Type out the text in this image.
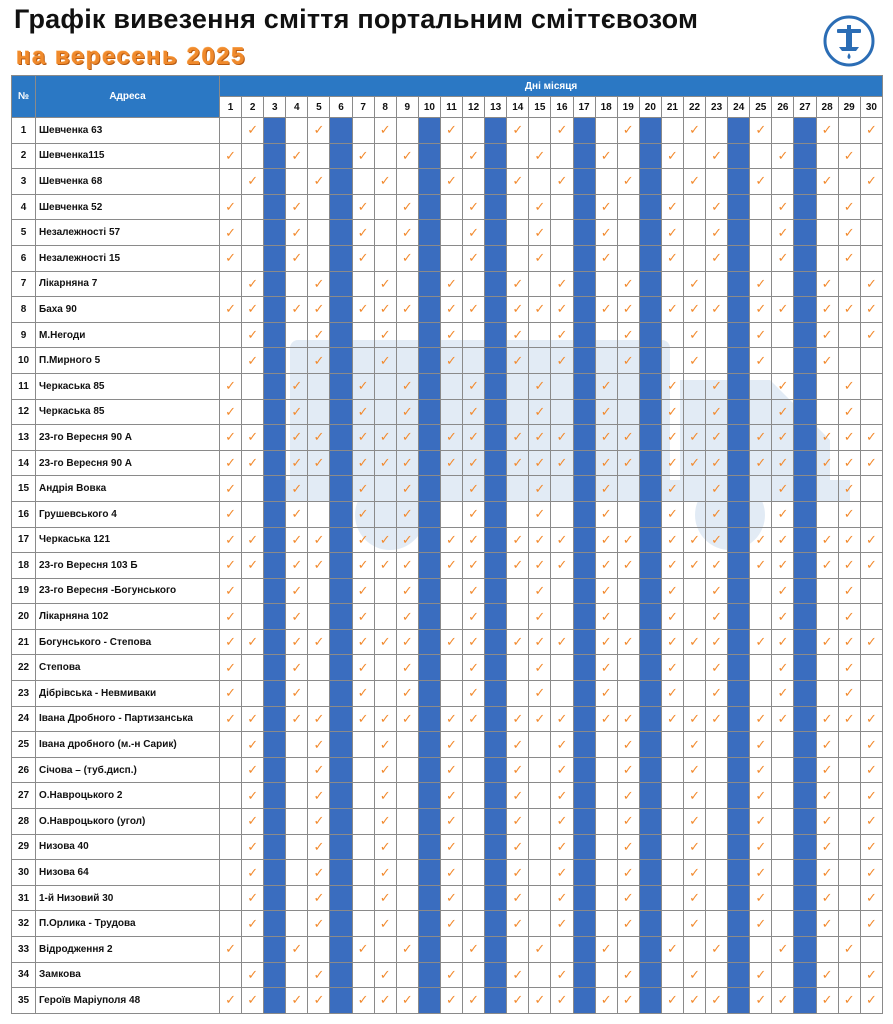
Графік вивезення сміття портальним сміттєвозом
на вересень 2025
№	Адреса	Дні місяця																													
		1	2	3	4	5	6	7	8	9	10	11	12	13	14	15	16	17	18	19	20	21	22	23	24	25	26	27	28	29	30
1	Шевченка 63		✓			✓			✓			✓			✓		✓			✓			✓			✓			✓		✓
2	Шевченка115	✓			✓			✓		✓			✓			✓			✓			✓		✓			✓			✓	
3	Шевченка 68		✓			✓			✓			✓			✓		✓			✓			✓			✓			✓		✓
4	Шевченка 52	✓			✓			✓		✓			✓			✓			✓			✓		✓			✓			✓	
5	Незалежності 57	✓			✓			✓		✓			✓			✓			✓			✓		✓			✓			✓	
6	Незалежності 15	✓			✓			✓		✓			✓			✓			✓			✓		✓			✓			✓	
7	Лікарняна 7		✓			✓			✓			✓			✓		✓			✓			✓			✓			✓		✓
8	Баха 90	✓	✓		✓	✓		✓	✓	✓		✓	✓		✓	✓	✓		✓	✓		✓	✓	✓		✓	✓		✓	✓	✓
9	М.Негоди		✓			✓			✓			✓			✓		✓			✓			✓			✓			✓		✓
10	П.Мирного 5		✓			✓			✓			✓			✓		✓			✓			✓			✓			✓		
11	Черкаська 85	✓			✓			✓		✓			✓			✓			✓			✓		✓			✓			✓	
12	Черкаська 85	✓			✓			✓		✓			✓			✓			✓			✓		✓			✓			✓	
13	23-го Вересня 90 А	✓	✓		✓	✓		✓	✓	✓		✓	✓		✓	✓	✓		✓	✓		✓	✓	✓		✓	✓		✓	✓	✓
14	23-го Вересня 90 А	✓	✓		✓	✓		✓	✓	✓		✓	✓		✓	✓	✓		✓	✓		✓	✓	✓		✓	✓		✓	✓	✓
15	Андрія Вовка	✓			✓			✓		✓			✓			✓			✓			✓		✓			✓			✓	
16	Грушевського 4	✓			✓			✓		✓			✓			✓			✓			✓		✓			✓			✓	
17	Черкаська 121	✓	✓		✓	✓		✓	✓	✓		✓	✓		✓	✓	✓		✓	✓		✓	✓	✓		✓	✓		✓	✓	✓
18	23-го Вересня 103 Б	✓	✓		✓	✓		✓	✓	✓		✓	✓		✓	✓	✓		✓	✓		✓	✓	✓		✓	✓		✓	✓	✓
19	23-го Вересня -Богунського	✓			✓			✓		✓			✓			✓			✓			✓		✓			✓			✓	
20	Лікарняна 102	✓			✓			✓		✓			✓			✓			✓			✓		✓			✓			✓	
21	Богунського - Степова	✓	✓		✓	✓		✓	✓	✓		✓	✓		✓	✓	✓		✓	✓		✓	✓	✓		✓	✓		✓	✓	✓
22	Степова	✓			✓			✓		✓			✓			✓			✓			✓		✓			✓			✓	
23	Дібрівська - Невмиваки	✓			✓			✓		✓			✓			✓			✓			✓		✓			✓			✓	
24	Івана Дробного - Партизанська	✓	✓		✓	✓		✓	✓	✓		✓	✓		✓	✓	✓		✓	✓		✓	✓	✓		✓	✓		✓	✓	✓
25	Івана дробного (м.-н Сарик)		✓			✓			✓			✓			✓		✓			✓			✓			✓			✓		✓
26	Січова – (туб.дисп.)		✓			✓			✓			✓			✓		✓			✓			✓			✓			✓		✓
27	О.Навроцького 2		✓			✓			✓			✓			✓		✓			✓			✓			✓			✓		✓
28	О.Навроцького (угол)		✓			✓			✓			✓			✓		✓			✓			✓			✓			✓		✓
29	Низова 40		✓			✓			✓			✓			✓		✓			✓			✓			✓			✓		✓
30	Низова 64		✓			✓			✓			✓			✓		✓			✓			✓			✓			✓		✓
31	1-й Низовий 30		✓			✓			✓			✓			✓		✓			✓			✓			✓			✓		✓
32	П.Орлика - Трудова		✓			✓			✓			✓			✓		✓			✓			✓			✓			✓		✓
33	Відродження 2	✓			✓			✓		✓			✓			✓			✓			✓		✓			✓			✓	
34	Замкова		✓			✓			✓			✓			✓		✓			✓			✓			✓			✓		✓
35	Героїв Маріуполя 48	✓	✓		✓	✓		✓	✓	✓		✓	✓		✓	✓	✓		✓	✓		✓	✓	✓		✓	✓		✓	✓	✓
